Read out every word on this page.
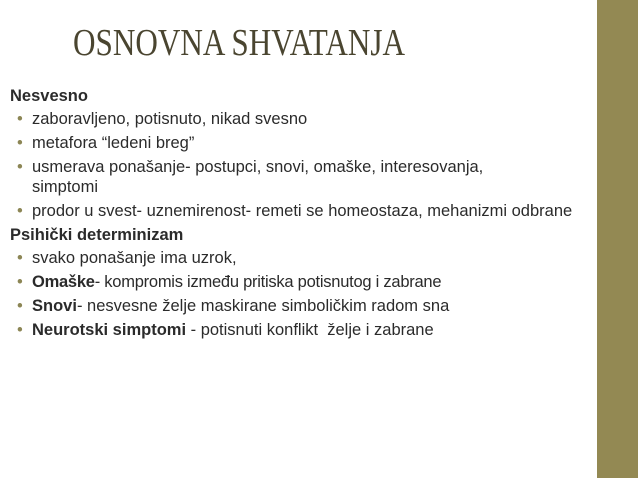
OSNOVNA SHVATANJA
Nesvesno
• zaboravljeno, potisnuto, nikad svesno
• metafora “ledeni breg”
• usmerava ponašanje- postupci, snovi, omaške, interesovanja, simptomi
• prodor u svest- uznemirenost- remeti se homeostaza, mehanizmi odbrane
Psihički determinizam
• svako ponašanje ima uzrok,
• Omaške- kompromis između pritiska potisnutog i zabrane
• Snovi- nesvesne želje maskirane simboličkim radom sna
• Neurotski simptomi - potisnuti konflikt  želje i zabrane
